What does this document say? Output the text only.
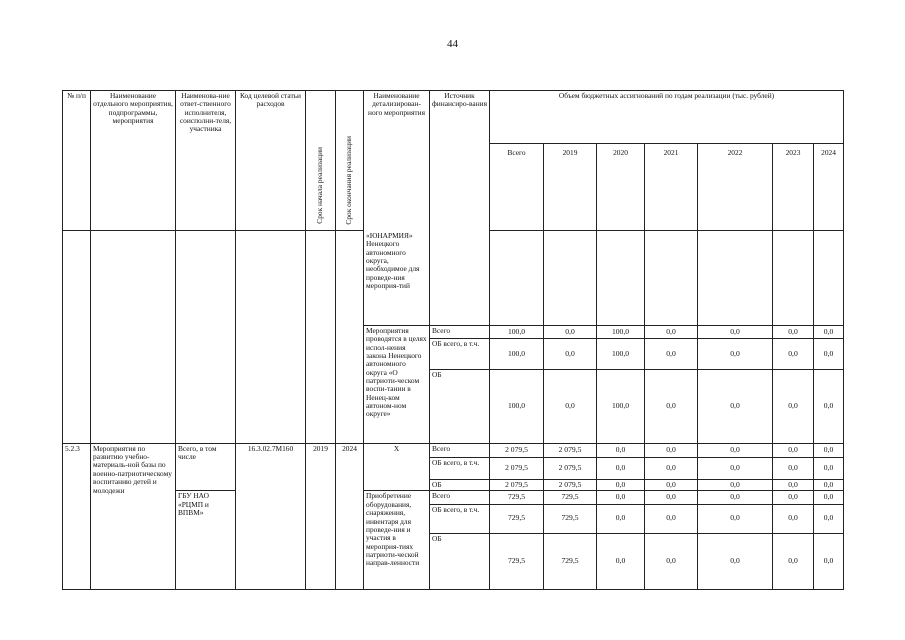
44
№ п/п	Наименование отдельного мероприятия, подпрограммы, мероприятия	Наименова-ние ответ-ственного исполнителя, соисполни-теля, участника	Код целевой статьи расходов	Срок начала реализации	Срок окончания реализации	Наименование детализирован-ного мероприятия	Источник финансиро-вания	Объем бюджетных ассигнований по годам реализации (тыс. рублей)						
								Всего	2019	2020	2021	2022	2023	2024
						«ЮНАРМИЯ» Ненецкого автономного округа, необходимое для проведе-ния мероприя-тий								
						Мероприятия проводятся в целях испол-нения закона Ненецкого автономного округа «О патриоти-ческом воспи-тании в Ненец-ком автоном-ном округе»	Всего	100,0	0,0	100,0	0,0	0,0	0,0	0,0
							ОБ всего, в т.ч.	100,0	0,0	100,0	0,0	0,0	0,0	0,0
							ОБ	100,0	0,0	100,0	0,0	0,0	0,0	0,0
5.2.3	Мероприятия по развитию учебно-материаль-ной базы по военно-патриотическому воспитанию детей и молодежи	Всего, в том числе	16.3.02.7М160	2019	2024	Х	Всего	2 079,5	2 079,5	0,0	0,0	0,0	0,0	0,0
							ОБ всего, в т.ч.	2 079,5	2 079,5	0,0	0,0	0,0	0,0	0,0
							ОБ	2 079,5	2 079,5	0,0	0,0	0,0	0,0	0,0
		ГБУ НАО «РЦМП и ВПВМ»				Приобретение оборудования, снаряжения, инвентаря для проведе-ния и участия в мероприя-тиях патриоти-ческой направ-ленности	Всего	729,5	729,5	0,0	0,0	0,0	0,0	0,0
							ОБ всего, в т.ч.	729,5	729,5	0,0	0,0	0,0	0,0	0,0
							ОБ	729,5	729,5	0,0	0,0	0,0	0,0	0,0
